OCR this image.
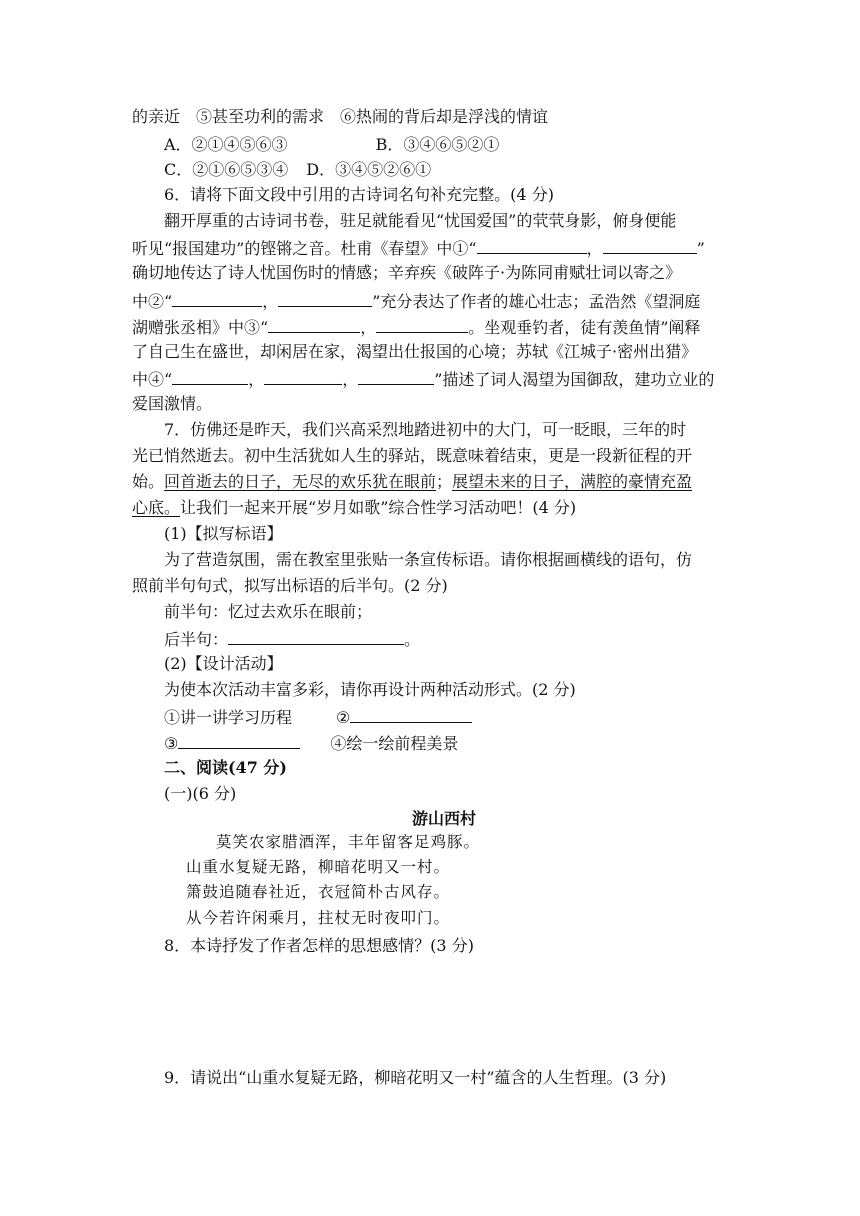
的亲近　⑤甚至功利的需求　⑥热闹的背后却是浮浅的情谊
A．②①④⑤⑥③	B．③④⑥⑤②①
C．②①⑥⑤③④ D．③④⑤②⑥①
6．请将下面文段中引用的古诗词名句补充完整。(4 分)
翻开厚重的古诗词书卷，驻足就能看见“忧国爱国”的茕茕身影，俯身便能
听见“报国建功”的铿锵之音。杜甫《春望》中①“	，	”
确切地传达了诗人忧国伤时的情感；辛弃疾《破阵子·为陈同甫赋壮词以寄之》
中②“	，	”充分表达了作者的雄心壮志；孟浩然《望洞庭
湖赠张丞相》中③“	，	。坐观垂钓者，徒有羡鱼情”阐释
了自己生在盛世，却闲居在家，渴望出仕报国的心境；苏轼《江城子·密州出猎》
中④“	，	，	”描述了词人渴望为国御敌，建功立业的
爱国激情。
7．仿佛还是昨天，我们兴高采烈地踏进初中的大门，可一眨眼，三年的时
光已悄然逝去。初中生活犹如人生的驿站，既意味着结束，更是一段新征程的开
始。回首逝去的日子，无尽的欢乐犹在眼前；展望未来的日子，满腔的豪情充盈
心底。让我们一起来开展“岁月如歌”综合性学习活动吧！(4 分)
(1)【拟写标语】
为了营造氛围，需在教室里张贴一条宣传标语。请你根据画横线的语句，仿
照前半句句式，拟写出标语的后半句。(2 分)
前半句：忆过去欢乐在眼前；
后半句：	。
(2)【设计活动】
为使本次活动丰富多彩，请你再设计两种活动形式。(2 分)
①讲一讲学习历程	②
③	④绘一绘前程美景
二、阅读(47 分)
(一)(6 分)
游山西村
莫笑农家腊酒浑，丰年留客足鸡豚。
山重水复疑无路，柳暗花明又一村。
箫鼓追随春社近，衣冠简朴古风存。
从今若许闲乘月，拄杖无时夜叩门。
8．本诗抒发了作者怎样的思想感情？(3 分)
9．请说出“山重水复疑无路，柳暗花明又一村”蕴含的人生哲理。(3 分)
